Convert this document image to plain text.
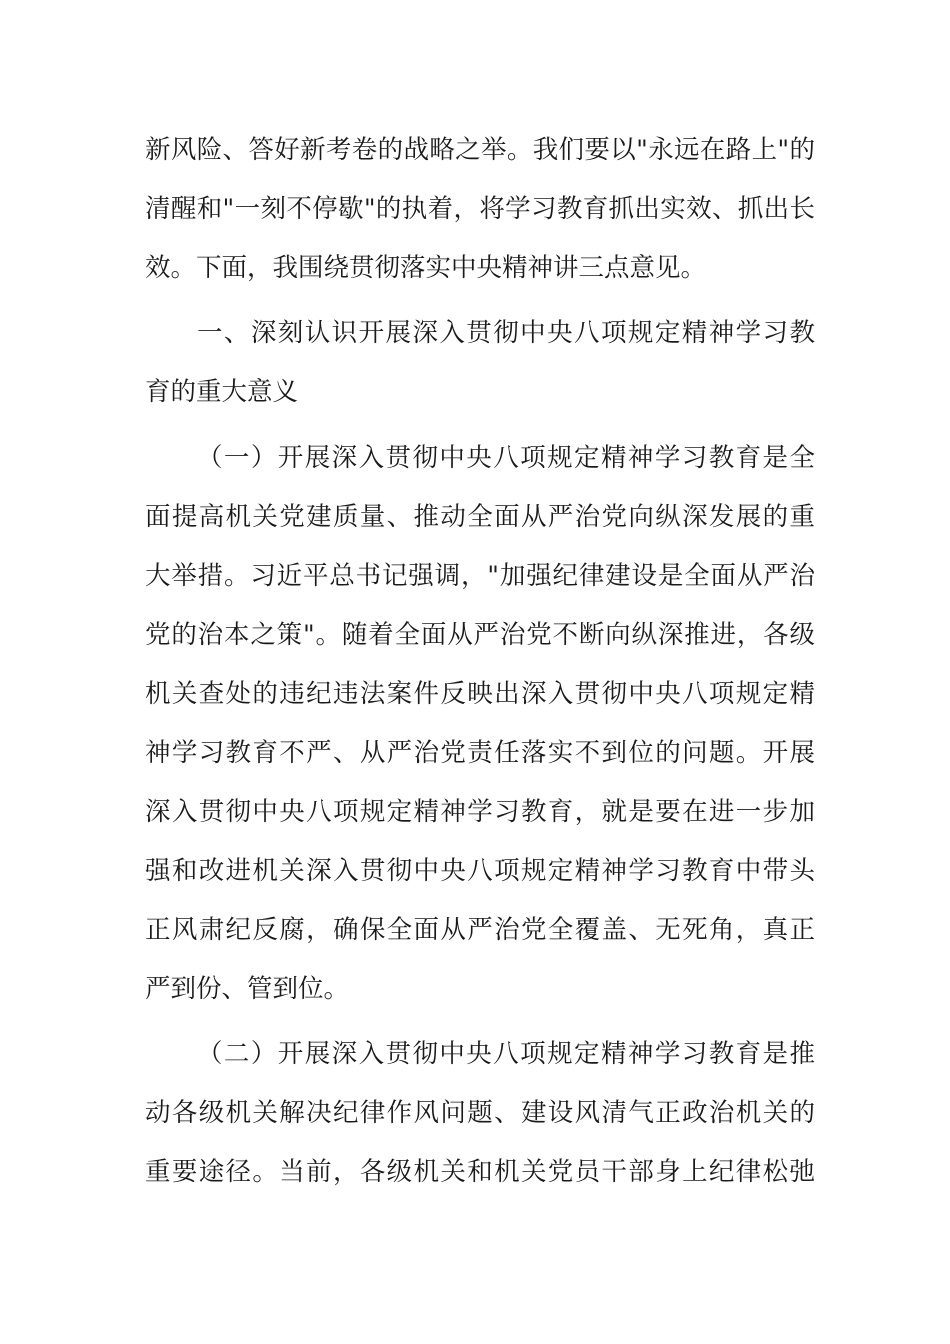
新风险、答好新考卷的战略之举。我们要以"永远在路上"的
清醒和"一刻不停歇"的执着，将学习教育抓出实效、抓出长
效。下面，我围绕贯彻落实中央精神讲三点意见。
一、深刻认识开展深入贯彻中央八项规定精神学习教
育的重大意义
（一）开展深入贯彻中央八项规定精神学习教育是全
面提高机关党建质量、推动全面从严治党向纵深发展的重
大举措。习近平总书记强调，"加强纪律建设是全面从严治
党的治本之策"。随着全面从严治党不断向纵深推进，各级
机关查处的违纪违法案件反映出深入贯彻中央八项规定精
神学习教育不严、从严治党责任落实不到位的问题。开展
深入贯彻中央八项规定精神学习教育，就是要在进一步加
强和改进机关深入贯彻中央八项规定精神学习教育中带头
正风肃纪反腐，确保全面从严治党全覆盖、无死角，真正
严到份、管到位。
（二）开展深入贯彻中央八项规定精神学习教育是推
动各级机关解决纪律作风问题、建设风清气正政治机关的
重要途径。当前，各级机关和机关党员干部身上纪律松弛
